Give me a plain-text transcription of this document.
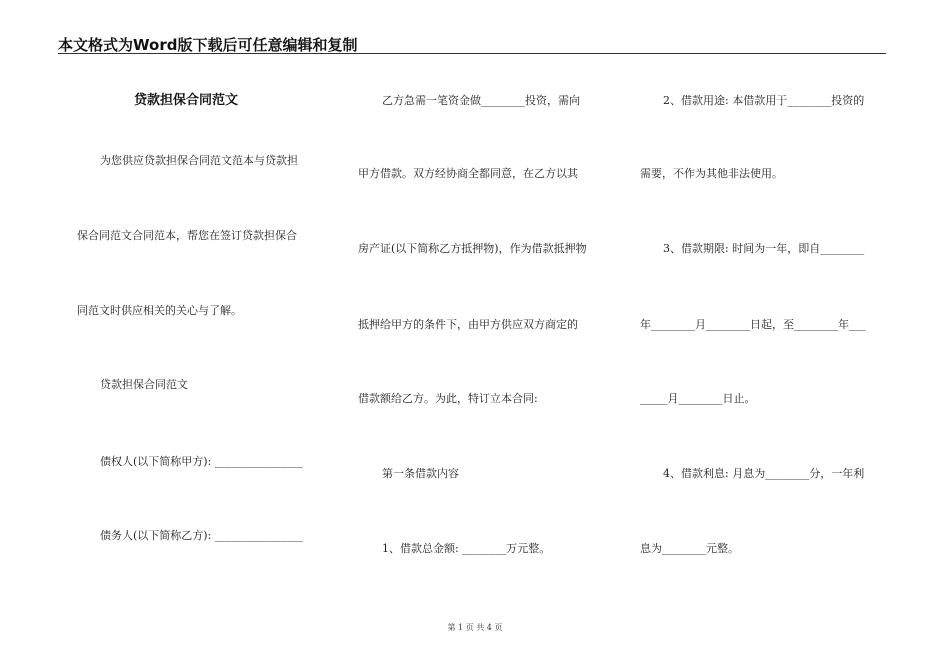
本文格式为Word版下载后可任意编辑和复制
贷款担保合同范文
为您供应贷款担保合同范文范本与贷款担
保合同范文合同范本，帮您在签订贷款担保合
同范文时供应相关的关心与了解。
贷款担保合同范文
债权人(以下简称甲方): ________________
债务人(以下简称乙方): ________________
乙方急需一笔资金做________投资，需向
甲方借款。双方经协商全都同意，在乙方以其
房产证(以下简称乙方抵押物)，作为借款抵押物
抵押给甲方的条件下，由甲方供应双方商定的
借款额给乙方。为此，特订立本合同:
第一条借款内容
1、借款总金额: ________万元整。
2、借款用途: 本借款用于________投资的
需要，不作为其他非法使用。
3、借款期限: 时间为一年，即自________
年________月________日起，至________年___
_____月________日止。
4、借款利息: 月息为________分，一年利
息为________元整。
第 1 页 共 4 页
